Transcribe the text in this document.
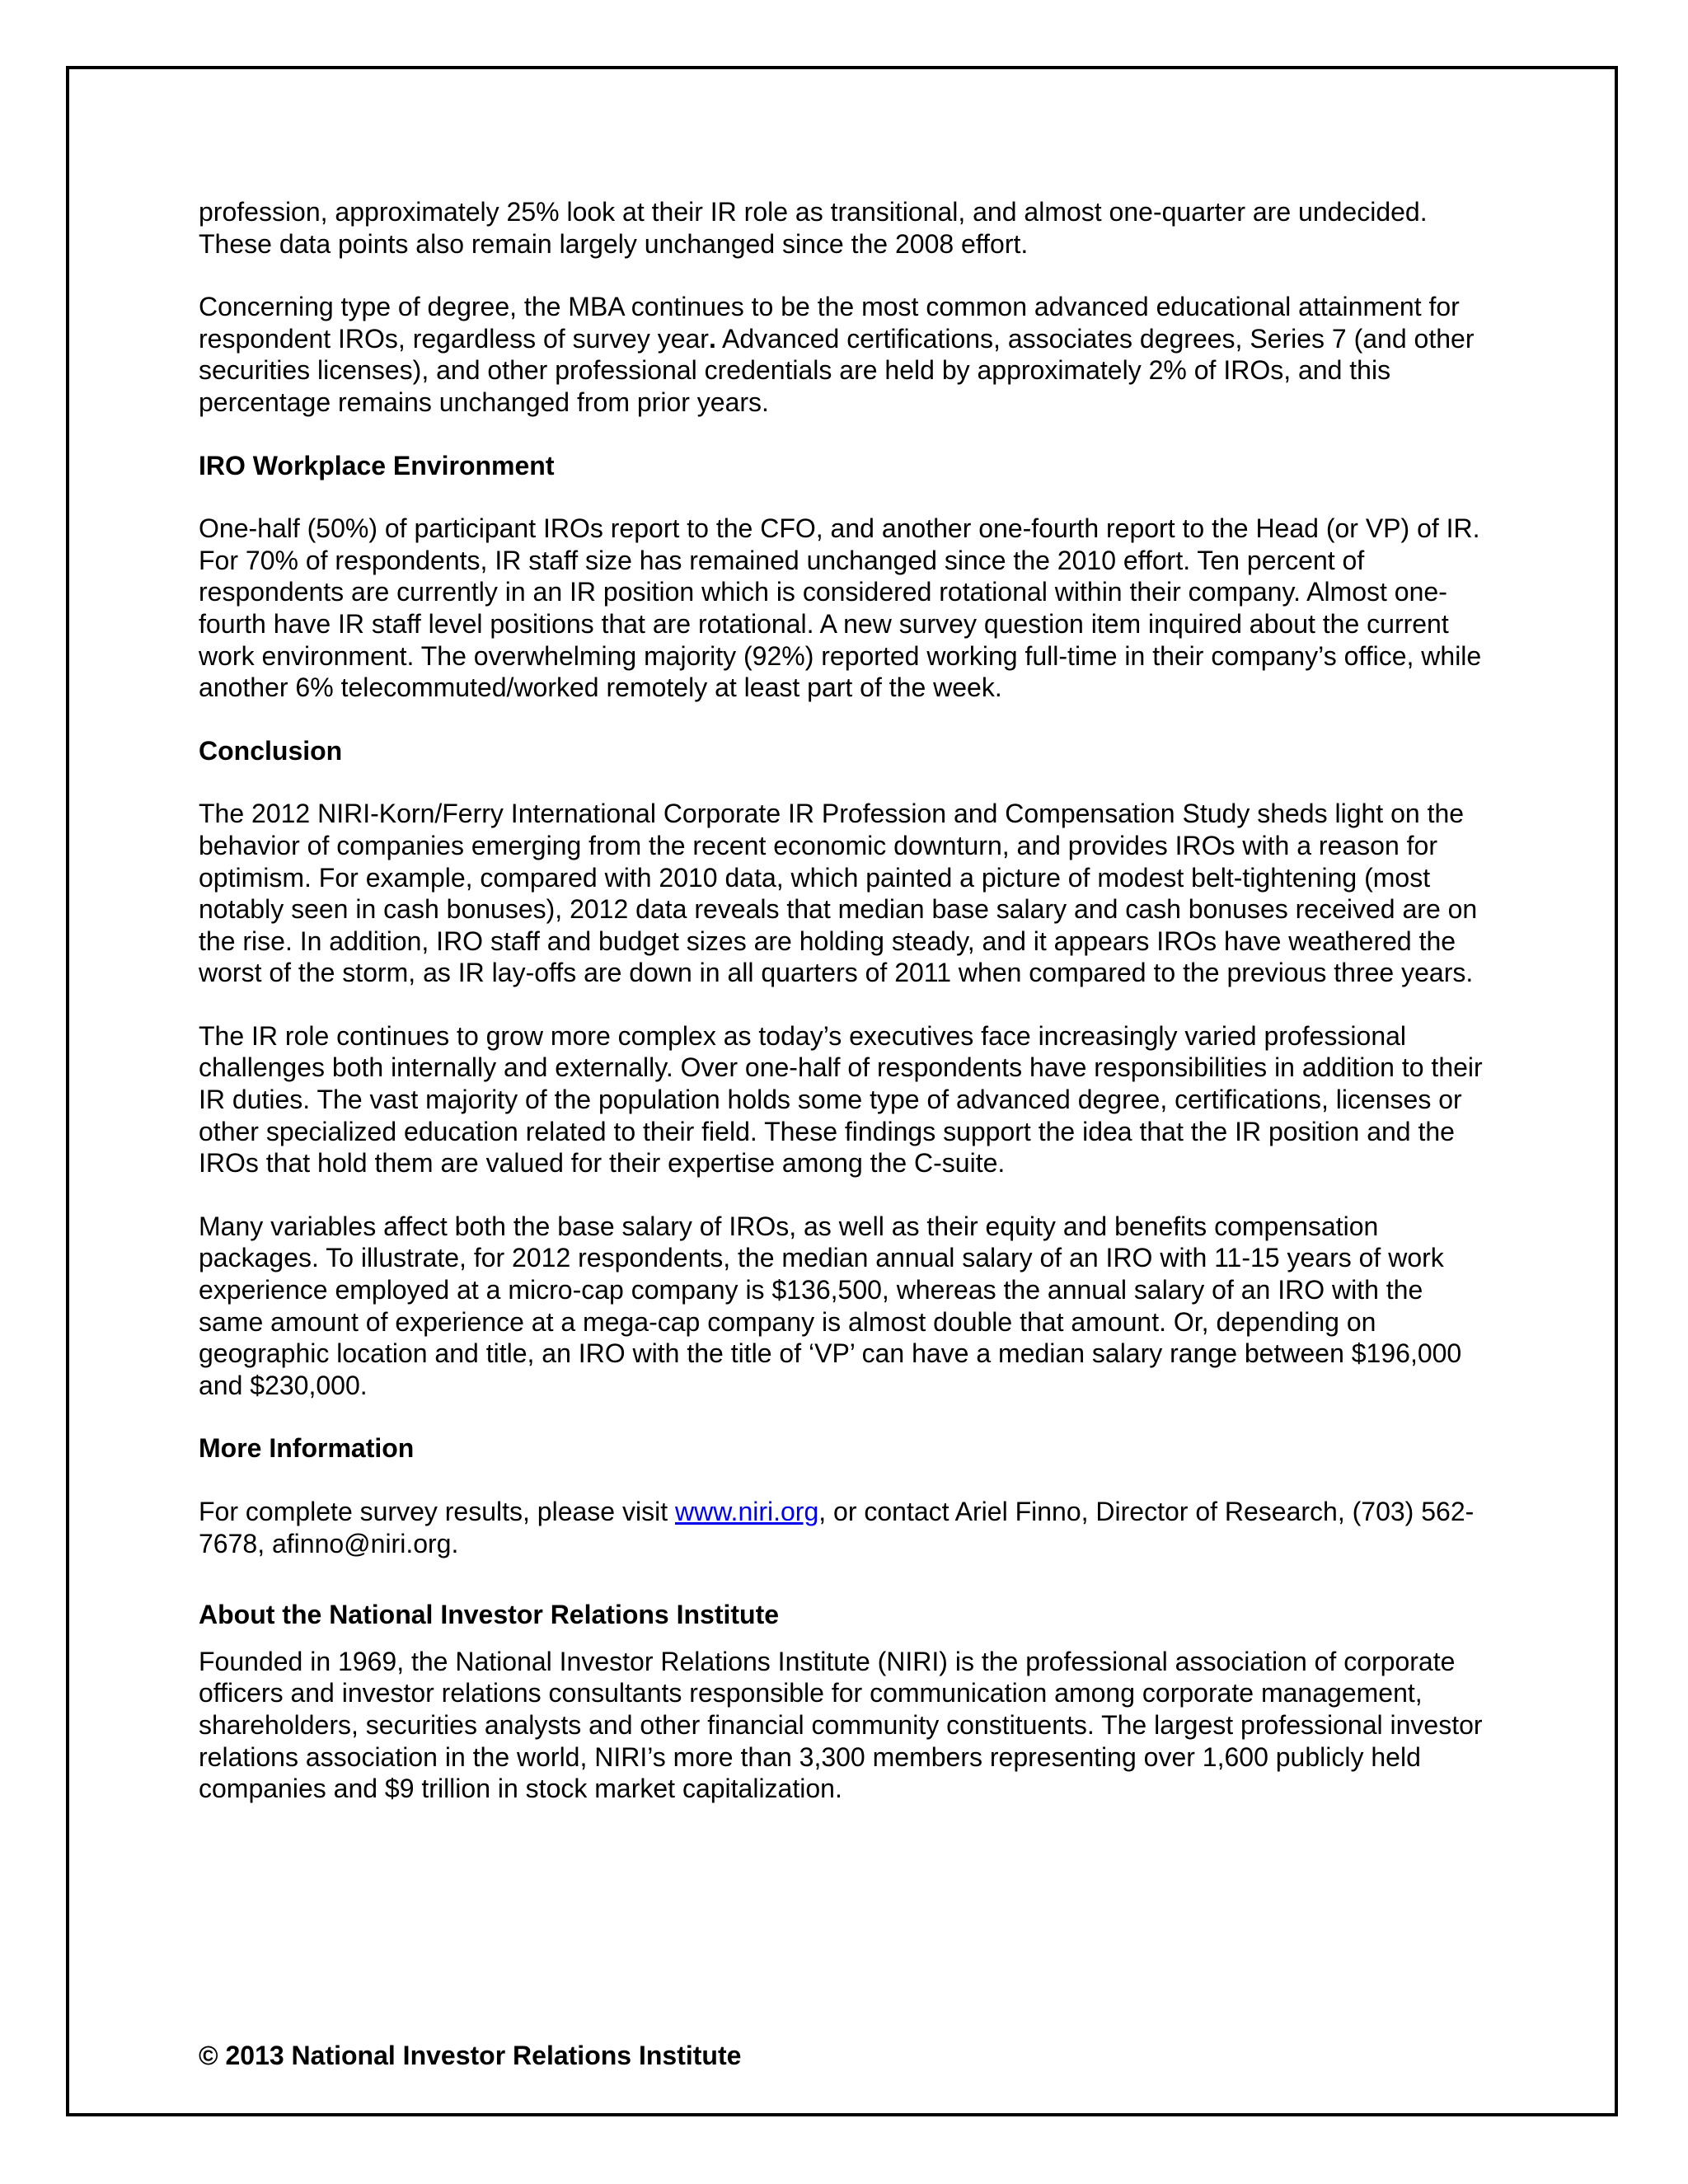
profession, approximately 25% look at their IR role as transitional, and almost one-quarter are undecided. These data points also remain largely unchanged since the 2008 effort.

Concerning type of degree, the MBA continues to be the most common advanced educational attainment for respondent IROs, regardless of survey year. Advanced certifications, associates degrees, Series 7 (and other securities licenses), and other professional credentials are held by approximately 2% of IROs, and this percentage remains unchanged from prior years.

IRO Workplace Environment

One-half (50%) of participant IROs report to the CFO, and another one-fourth report to the Head (or VP) of IR. For 70% of respondents, IR staff size has remained unchanged since the 2010 effort. Ten percent of respondents are currently in an IR position which is considered rotational within their company. Almost one-fourth have IR staff level positions that are rotational. A new survey question item inquired about the current work environment. The overwhelming majority (92%) reported working full-time in their company’s office, while another 6% telecommuted/worked remotely at least part of the week.

Conclusion

The 2012 NIRI-Korn/Ferry International Corporate IR Profession and Compensation Study sheds light on the behavior of companies emerging from the recent economic downturn, and provides IROs with a reason for optimism. For example, compared with 2010 data, which painted a picture of modest belt-tightening (most notably seen in cash bonuses), 2012 data reveals that median base salary and cash bonuses received are on the rise. In addition, IRO staff and budget sizes are holding steady, and it appears IROs have weathered the worst of the storm, as IR lay-offs are down in all quarters of 2011 when compared to the previous three years.

The IR role continues to grow more complex as today’s executives face increasingly varied professional challenges both internally and externally. Over one-half of respondents have responsibilities in addition to their IR duties. The vast majority of the population holds some type of advanced degree, certifications, licenses or other specialized education related to their field. These findings support the idea that the IR position and the IROs that hold them are valued for their expertise among the C-suite.

Many variables affect both the base salary of IROs, as well as their equity and benefits compensation packages. To illustrate, for 2012 respondents, the median annual salary of an IRO with 11-15 years of work experience employed at a micro-cap company is $136,500, whereas the annual salary of an IRO with the same amount of experience at a mega-cap company is almost double that amount. Or, depending on geographic location and title, an IRO with the title of ‘VP’ can have a median salary range between $196,000 and $230,000.

More Information

For complete survey results, please visit www.niri.org, or contact Ariel Finno, Director of Research, (703) 562-7678, afinno@niri.org.

About the National Investor Relations Institute

Founded in 1969, the National Investor Relations Institute (NIRI) is the professional association of corporate officers and investor relations consultants responsible for communication among corporate management, shareholders, securities analysts and other financial community constituents. The largest professional investor relations association in the world, NIRI’s more than 3,300 members representing over 1,600 publicly held companies and $9 trillion in stock market capitalization.

© 2013 National Investor Relations Institute
